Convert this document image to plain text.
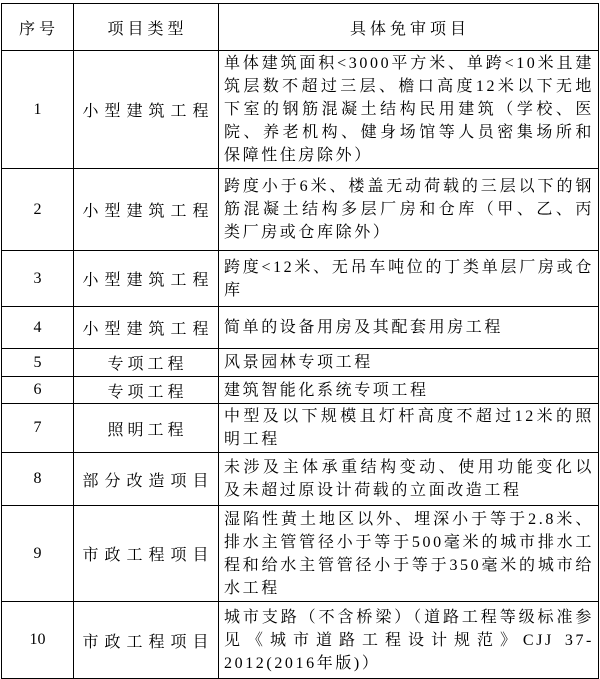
序号	项目类型	具体免审项目
1	小型建筑工程	单体建筑面积<3000平方米、单跨<10米且建筑层数不超过三层、檐口高度12米以下无地下室的钢筋混凝土结构民用建筑（学校、医院、养老机构、健身场馆等人员密集场所和保障性住房除外）
2	小型建筑工程	跨度小于6米、楼盖无动荷载的三层以下的钢筋混凝土结构多层厂房和仓库（甲、乙、丙类厂房或仓库除外）
3	小型建筑工程	跨度<12米、无吊车吨位的丁类单层厂房或仓库
4	小型建筑工程	简单的设备用房及其配套用房工程
5	专项工程	风景园林专项工程
6	专项工程	建筑智能化系统专项工程
7	照明工程	中型及以下规模且灯杆高度不超过12米的照明工程
8	部分改造项目	未涉及主体承重结构变动、使用功能变化以及未超过原设计荷载的立面改造工程
9	市政工程项目	湿陷性黄土地区以外、埋深小于等于2.8米、排水主管管径小于等于500毫米的城市排水工程和给水主管管径小于等于350毫米的城市给水工程
10	市政工程项目	城市支路（不含桥梁）（道路工程等级标准参见《城市道路工程设计规范》CJJ 37-2012(2016年版)）
